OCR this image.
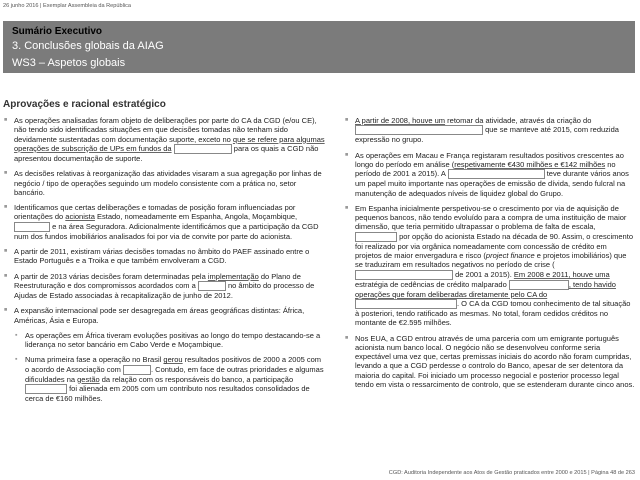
26 junho 2016 | Exemplar Assembleia da República
Sumário Executivo
3. Conclusões globais da AIAG
WS3 – Aspetos globais
Aprovações e racional estratégico
■ As operações analisadas foram objeto de deliberações por parte do CA da CGD (e/ou CE), não tendo sido identificadas situações em que decisões tomadas não tenham sido devidamente sustentadas com documentação suporte, exceto no que se refere para algumas operações de subscrição de UPs em fundos da	para os quais a CGD não apresentou documentação de suporte.
■ As decisões relativas à reorganização das atividades visaram a sua agregação por linhas de negócio / tipo de operações seguindo um modelo consistente com a prática no, setor bancário.
■ Identificamos que certas deliberações e tomadas de posição foram influenciadas por orientações do acionista Estado, nomeadamente em Espanha, Angola, Moçambique,  e na área Seguradora. Adicionalmente identificámos que a participação da CGD num dos fundos imobiliários analisados foi por via de convite por parte do acionista.
■ A partir de 2011, existiram várias decisões tomadas no âmbito do PAEF assinado entre o Estado Português e a Troika e que também envolveram a CGD.
■ A partir de 2013 várias decisões foram determinadas pela implementação do Plano de Reestruturação e dos compromissos acordados com a	no âmbito do processo de Ajudas de Estado associadas à recapitalização de junho de 2012.
■ A expansão internacional pode ser desagregada em áreas geográficas distintas: África, Américas, Ásia e Europa.
▪ As operações em África tiveram evoluções positivas ao longo do tempo destacando-se a liderança no setor bancário em Cabo Verde e Moçambique.
▪ Numa primeira fase a operação no Brasil gerou resultados positivos de 2000 a 2005 com o acordo de Associação com	. Contudo, em face de outras prioridades e algumas dificuldades na gestão da relação com os responsáveis do banco, a participação  foi alienada em 2005 com um contributo nos resultados consolidados de cerca de €160 milhões.
■ A partir de 2008, houve um retomar da atividade, através da criação do  que se manteve até 2015, com reduzida expressão no grupo.
■ As operações em Macau e França registaram resultados positivos crescentes ao longo do período em análise (respetivamente €430 milhões e €142 milhões no período de 2001 a 2015). A	teve durante vários anos um papel muito importante nas operações de emissão de dívida, sendo fulcral na manutenção de adequados níveis de liquidez global do Grupo.
■ Em Espanha inicialmente perspetivou-se o crescimento por via de aquisição de pequenos bancos, não tendo evoluído para a compra de uma instituição de maior dimensão, que teria permitido ultrapassar o problema de falta de escala,  por opção do acionista Estado na década de 90. Assim, o crescimento foi realizado por via orgânica nomeadamente com concessão de crédito em projetos de maior envergadura e risco (project finance e projetos imobiliários) que se traduziram em resultados negativos no período de crise ( de 2001 a 2015). Em 2008 e 2011, houve uma estratégia de cedências de crédito malparado	, tendo havido operações que foram deliberadas diretamente pelo CA do . O CA da CGD tomou conhecimento de tal situação à posteriori, tendo ratificado as mesmas. No total, foram cedidos créditos no montante de €2.595 milhões.
■ Nos EUA, a CGD entrou através de uma parceria com um emigrante português acionista num banco local. O negócio não se desenvolveu conforme seria expectável uma vez que, certas premissas iniciais do acordo não foram cumpridas, levando a que a CGD perdesse o controlo do Banco, apesar de ser detentora da maioria do capital. Foi iniciado um processo negocial e posterior processo legal tendo em vista o ressarcimento de controlo, que se estenderam durante cinco anos.
CGD: Auditoria Independente aos Atos de Gestão praticados entre 2000 e 2015 | Página 48 de 263
